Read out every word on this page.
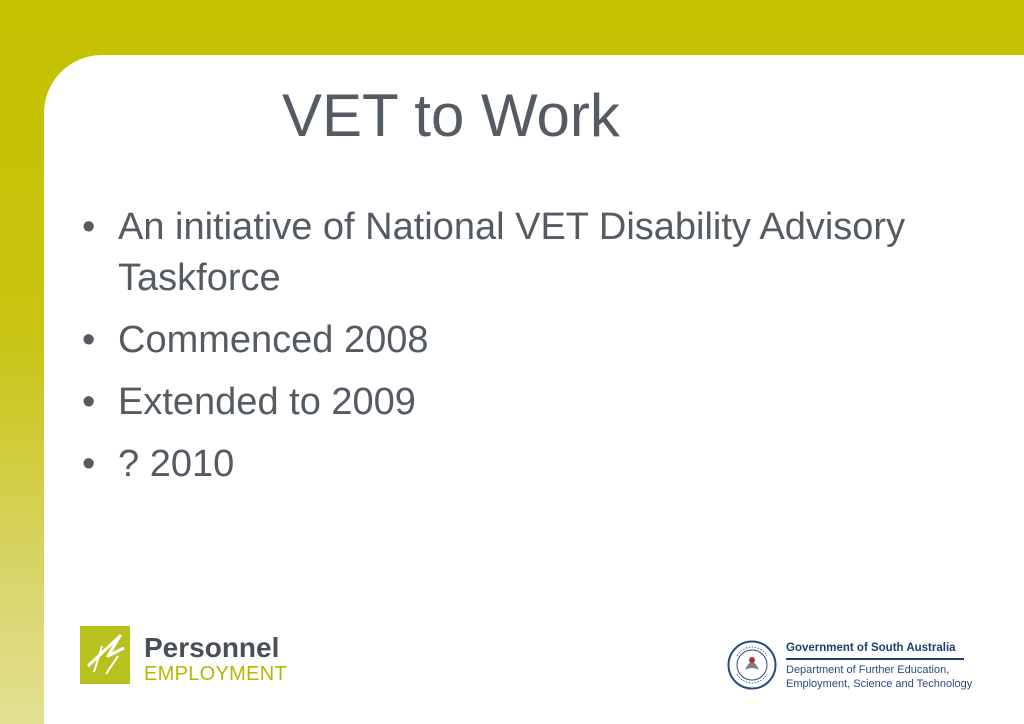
VET to Work
• An initiative of National VET Disability Advisory Taskforce
• Commenced 2008
• Extended to 2009
• ? 2010
Personnel
EMPLOYMENT
Government of South Australia
Department of Further Education,
Employment, Science and Technology
